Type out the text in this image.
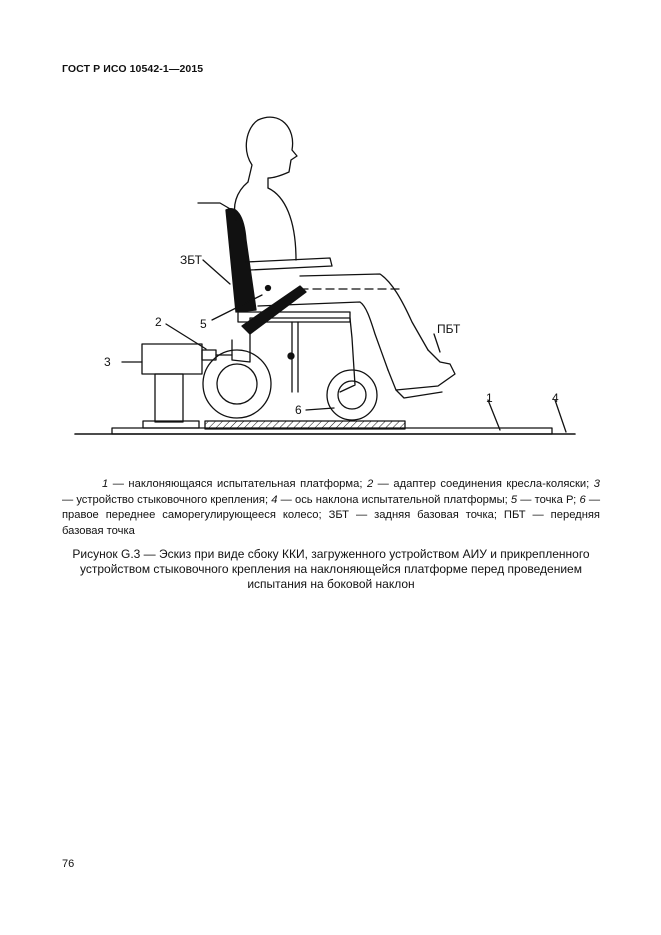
ГОСТ Р ИСО 10542-1—2015
ЗБТ
ПБТ
2
3
5
6
1	4
1 — наклоняющаяся испытательная платформа; 2 — адаптер соединения кресла-коляски; 3 — устройство стыковочного крепления; 4 — ось наклона испытательной платформы; 5 — точка Р; 6 — правое переднее саморегулирующееся колесо; ЗБТ — задняя базовая точка; ПБТ — передняя базовая точка
Рисунок G.3 — Эскиз при виде сбоку ККИ, загруженного устройством АИУ и прикрепленного устройством стыковочного крепления на наклоняющейся платформе перед проведением испытания на боковой наклон
76
